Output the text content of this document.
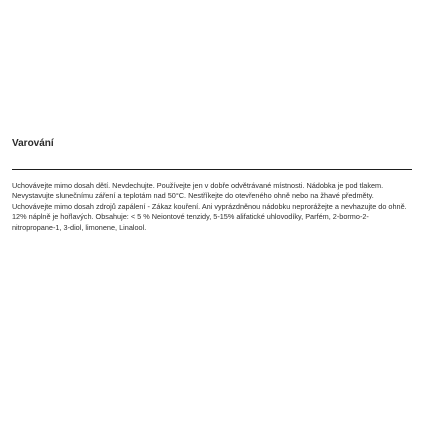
Varování
Uchovávejte mimo dosah dětí. Nevdechujte. Používejte jen v dobře odvětrávané místnosti. Nádobka je pod tlakem. Nevystavujte slunečnímu záření a teplotám nad 50°C. Nestříkejte do otevřeného ohně nebo na žhavé předměty. Uchovávejte mimo dosah zdrojů zapálení - Zákaz kouření. Ani vyprázdněnou nádobku neprorážejte a nevhazujte do ohně. 12% náplně je hořlavých. Obsahuje: < 5 % Neiontové tenzidy, 5-15% alifatické uhlovodíky, Parfém, 2-bormo-2-nitropropane-1, 3-diol, limonene, Linalool.
